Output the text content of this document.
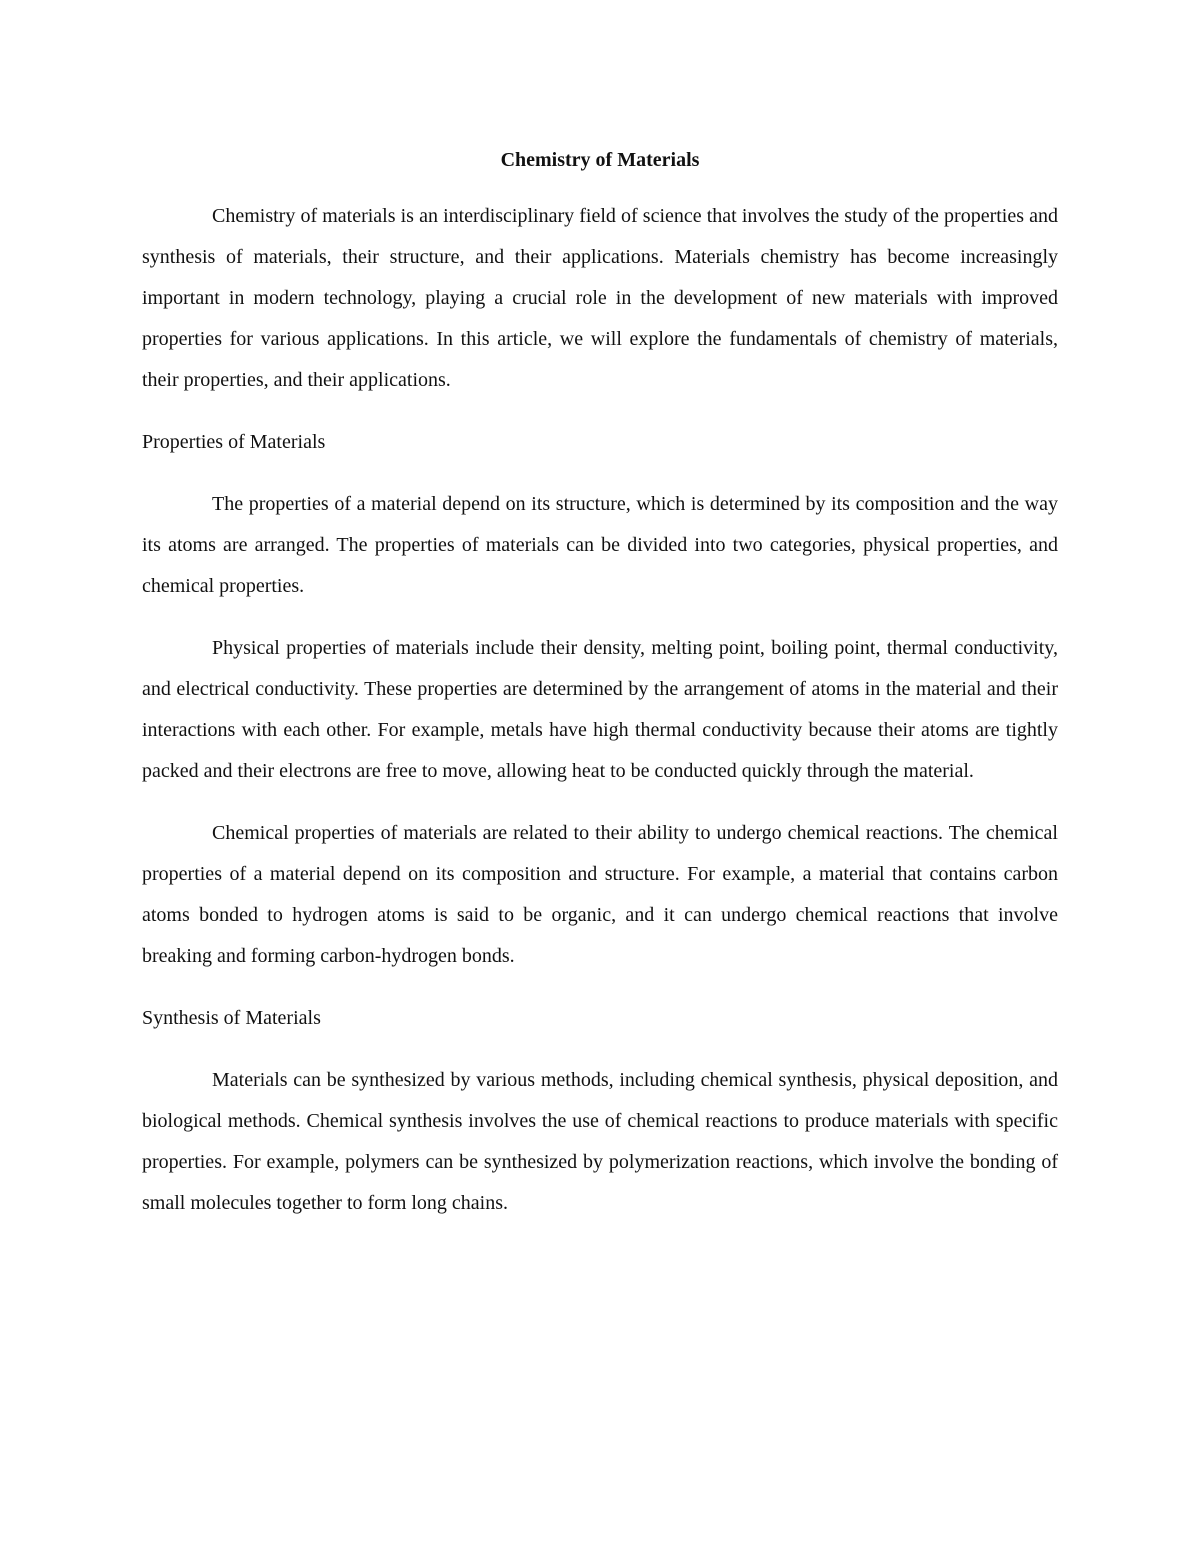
Chemistry of Materials

Chemistry of materials is an interdisciplinary field of science that involves the study of the properties and synthesis of materials, their structure, and their applications. Materials chemistry has become increasingly important in modern technology, playing a crucial role in the development of new materials with improved properties for various applications. In this article, we will explore the fundamentals of chemistry of materials, their properties, and their applications.

Properties of Materials

The properties of a material depend on its structure, which is determined by its composition and the way its atoms are arranged. The properties of materials can be divided into two categories, physical properties, and chemical properties.

Physical properties of materials include their density, melting point, boiling point, thermal conductivity, and electrical conductivity. These properties are determined by the arrangement of atoms in the material and their interactions with each other. For example, metals have high thermal conductivity because their atoms are tightly packed and their electrons are free to move, allowing heat to be conducted quickly through the material.

Chemical properties of materials are related to their ability to undergo chemical reactions. The chemical properties of a material depend on its composition and structure. For example, a material that contains carbon atoms bonded to hydrogen atoms is said to be organic, and it can undergo chemical reactions that involve breaking and forming carbon-hydrogen bonds.

Synthesis of Materials

Materials can be synthesized by various methods, including chemical synthesis, physical deposition, and biological methods. Chemical synthesis involves the use of chemical reactions to produce materials with specific properties. For example, polymers can be synthesized by polymerization reactions, which involve the bonding of small molecules together to form long chains.
